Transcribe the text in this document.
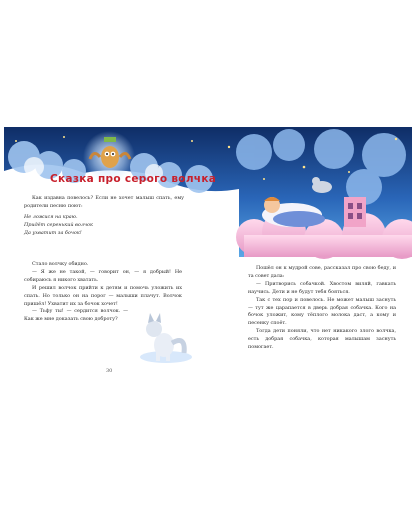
Сказка про серого волчка

Как издавна повелось? Если не хочет малыш спать, ему родители песню поют:

Не ложися на краю.

Придёт серенький волчок

Да ухватит за бочок!

Стало волчку обидно.

— Я же не такой, — говорит он, — я добрый! Не собираюсь я никого хватать.

И решил волчок прийти к детям и помочь уложить их спать. Но только он на порог — малыши плачут. Волчок пришёл! Ухватит их за бочок хочет!

— Тьфу ты! — сердится волчок. — Как же мне доказать свою доброту?

Пошёл он к мудрой сове, рассказал про свою беду, и та совет дала:

— Притворись собачкой. Хвостом виляй, гавкать научись. Дети и не будут тебя бояться.

Так с тех пор и повелось. Не может малыш заснуть — тут же царапается в дверь добрая собачка. Кого на бочок уложит, кому тёплого молока даст, а кому и песенку споёт.

Тогда дети поняли, что нет никакого злого волчка, есть добрая собачка, которая малышам заснуть помогает.

30
